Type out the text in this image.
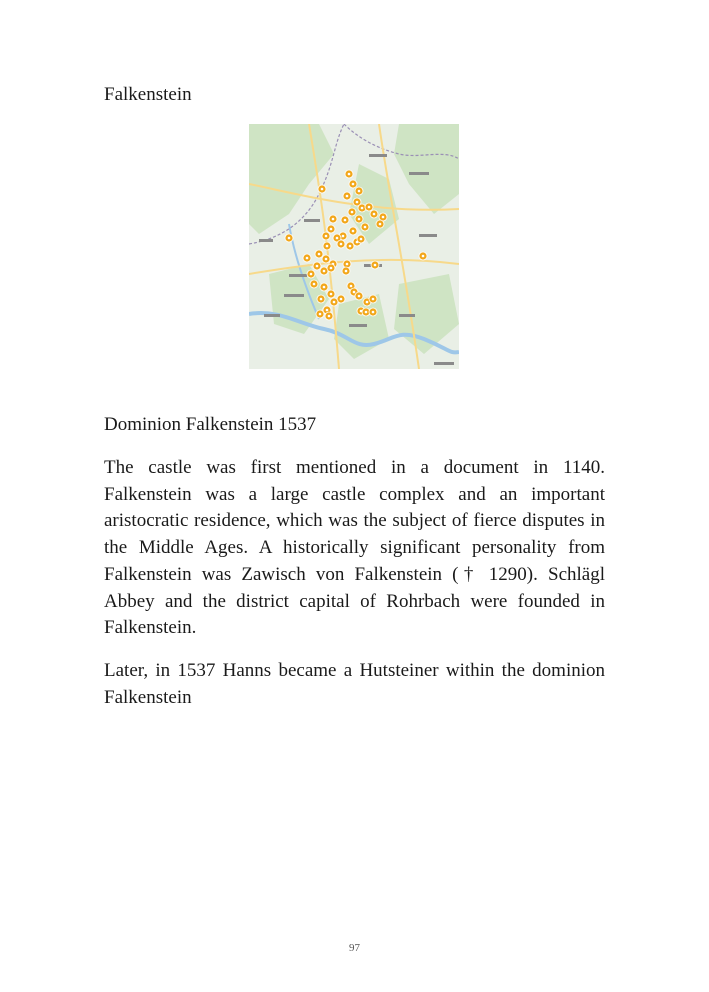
Falkenstein
Dominion Falkenstein 1537

The castle was first mentioned in a document in 1140. Falkenstein was a large castle complex and an important aristocratic residence, which was the subject of fierce disputes in the Middle Ages. A historically significant personality from Falkenstein was Zawisch von Falkenstein († 1290). Schlägl Abbey and the district capital of Rohrbach were founded in Falkenstein.

Later, in 1537 Hanns became a Hutsteiner within the dominion Falkenstein

97
